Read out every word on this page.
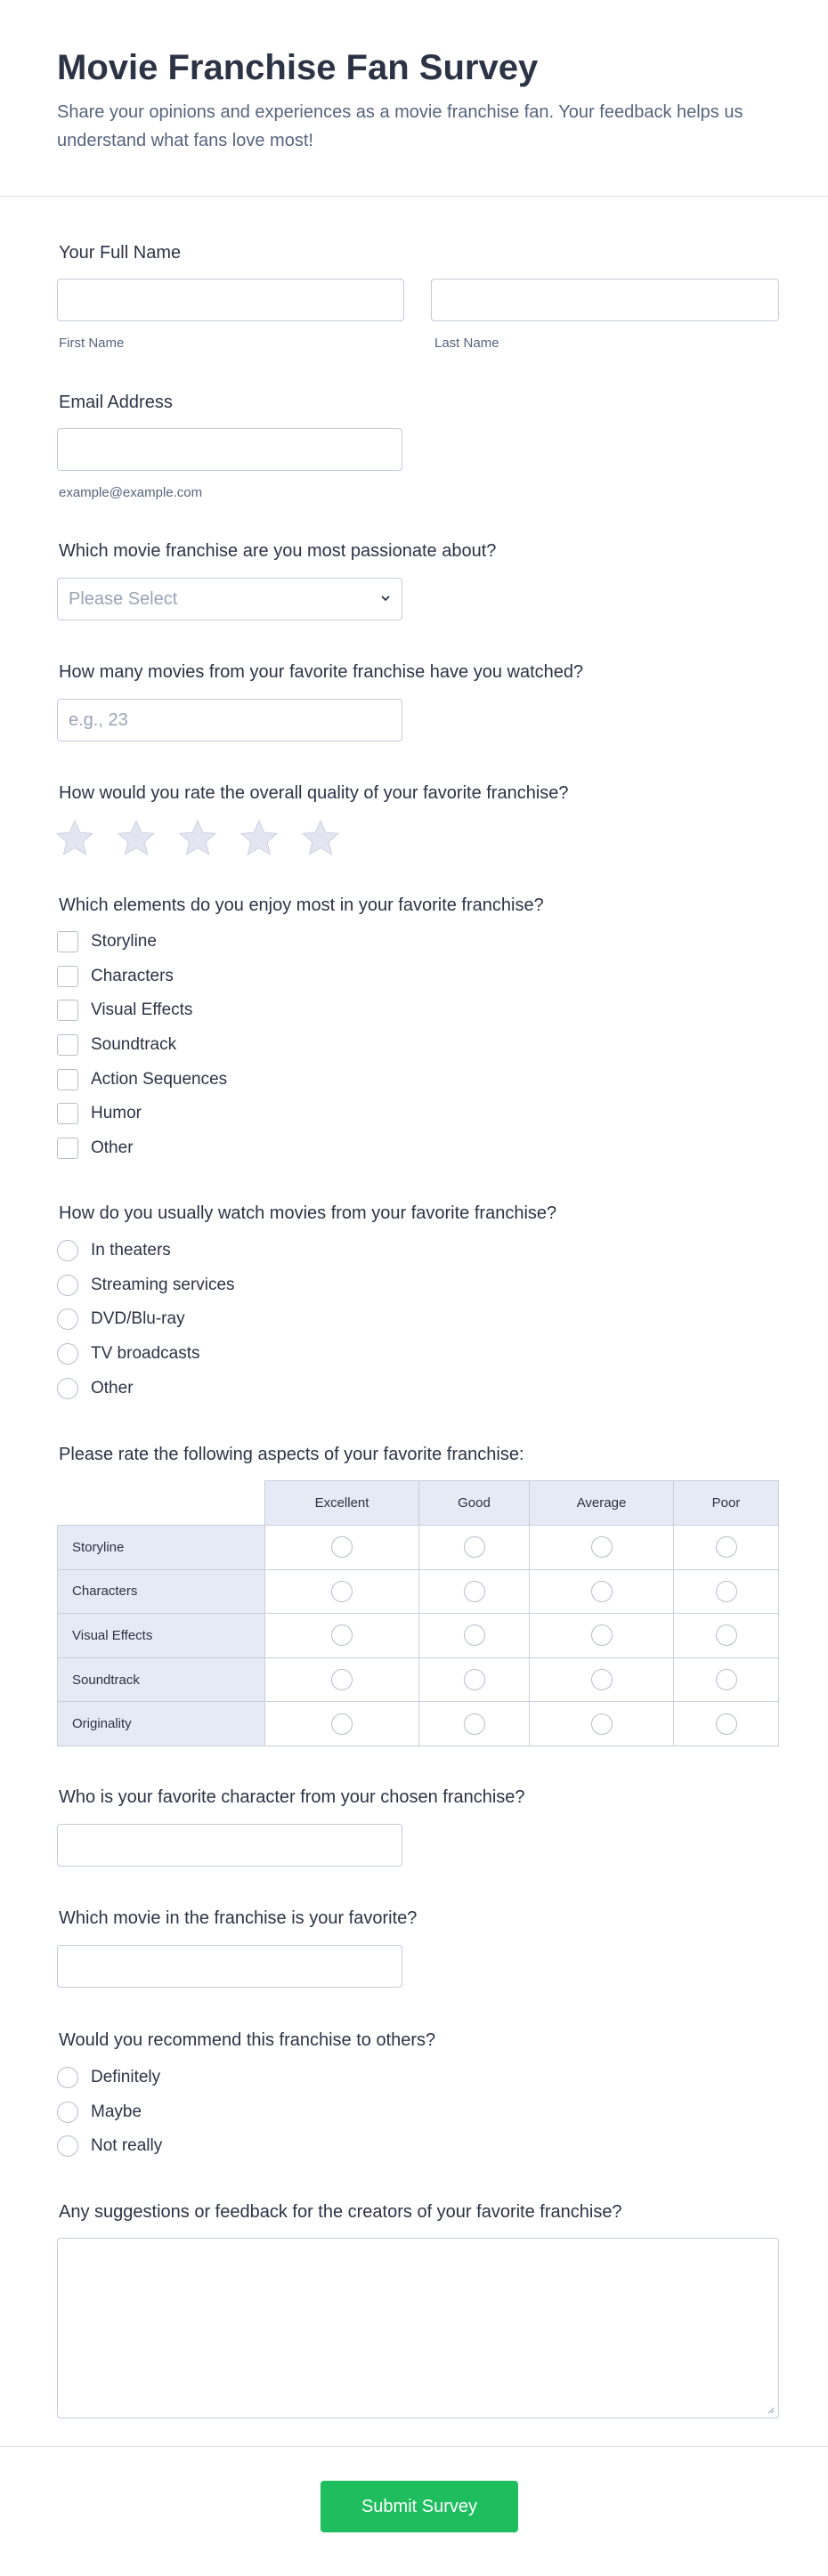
Movie Franchise Fan Survey

Share your opinions and experiences as a movie franchise fan. Your feedback helps us understand what fans love most!

Your Full Name
First Name	Last Name
Email Address
example@example.com
Which movie franchise are you most passionate about?
Please Select
How many movies from your favorite franchise have you watched?
e.g., 23
How would you rate the overall quality of your favorite franchise?
Which elements do you enjoy most in your favorite franchise?
Storyline
Characters
Visual Effects
Soundtrack
Action Sequences
Humor
Other
How do you usually watch movies from your favorite franchise?
In theaters
Streaming services
DVD/Blu-ray
TV broadcasts
Other
Please rate the following aspects of your favorite franchise:
	Excellent	Good	Average	Poor
Storyline				
Characters				
Visual Effects				
Soundtrack				
Originality				
Who is your favorite character from your chosen franchise?
Which movie in the franchise is your favorite?
Would you recommend this franchise to others?
Definitely
Maybe
Not really
Any suggestions or feedback for the creators of your favorite franchise?
Submit Survey
